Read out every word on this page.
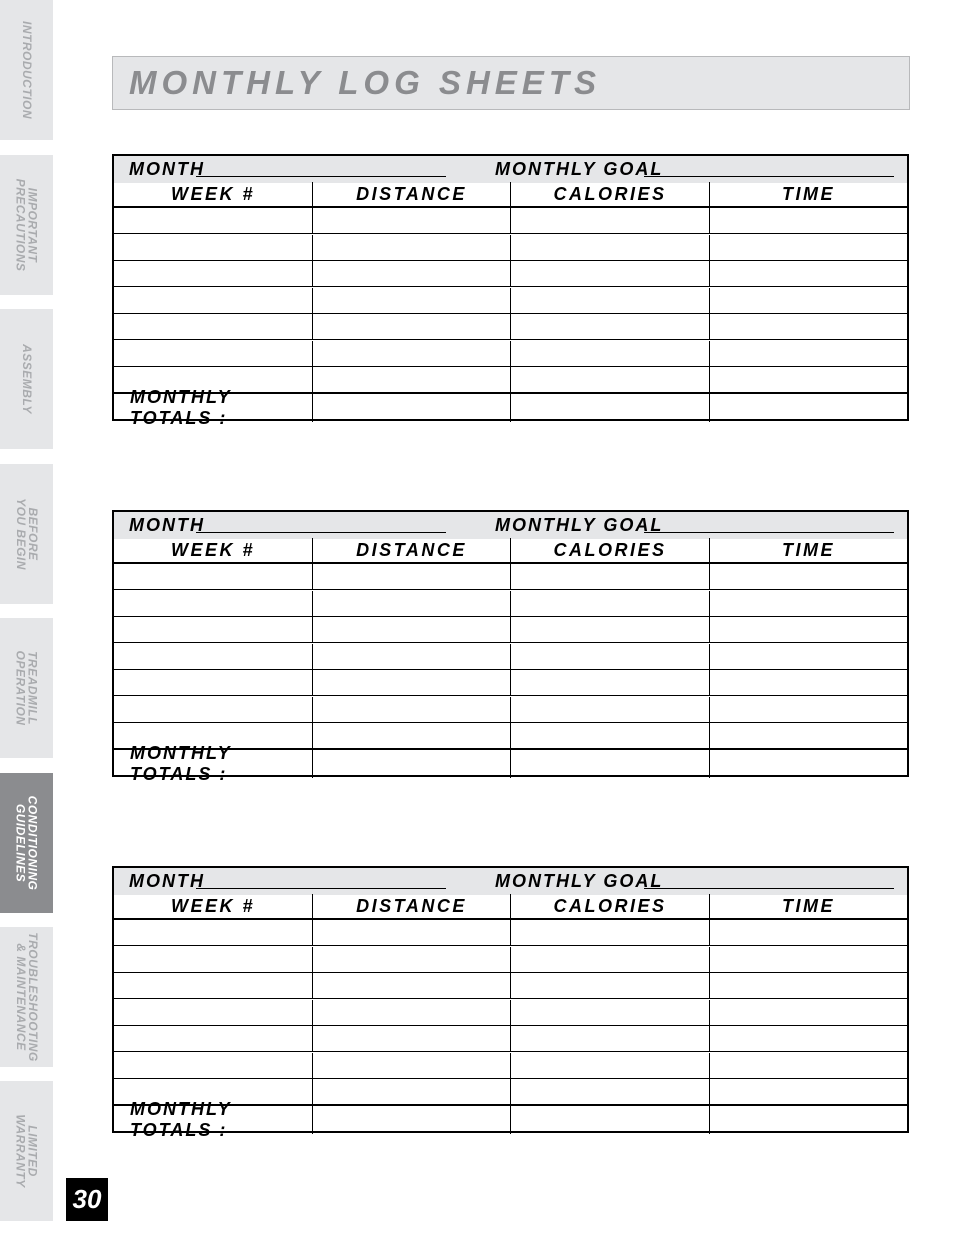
INTRODUCTION
IMPORTANT
PRECAUTIONS
ASSEMBLY
BEFORE
YOU BEGIN
TREADMILL
OPERATION
CONDITIONING
GUIDELINES
TROUBLESHOOTING
& MAINTENANCE
LIMITED
WARRANTY
MONTHLY LOG SHEETS
MONTH	MONTHLY GOAL
WEEK #	DISTANCE	CALORIES	TIME
MONTHLY TOTALS :
MONTH	MONTHLY GOAL
WEEK #	DISTANCE	CALORIES	TIME
MONTHLY TOTALS :
MONTH	MONTHLY GOAL
WEEK #	DISTANCE	CALORIES	TIME
MONTHLY TOTALS :
30
